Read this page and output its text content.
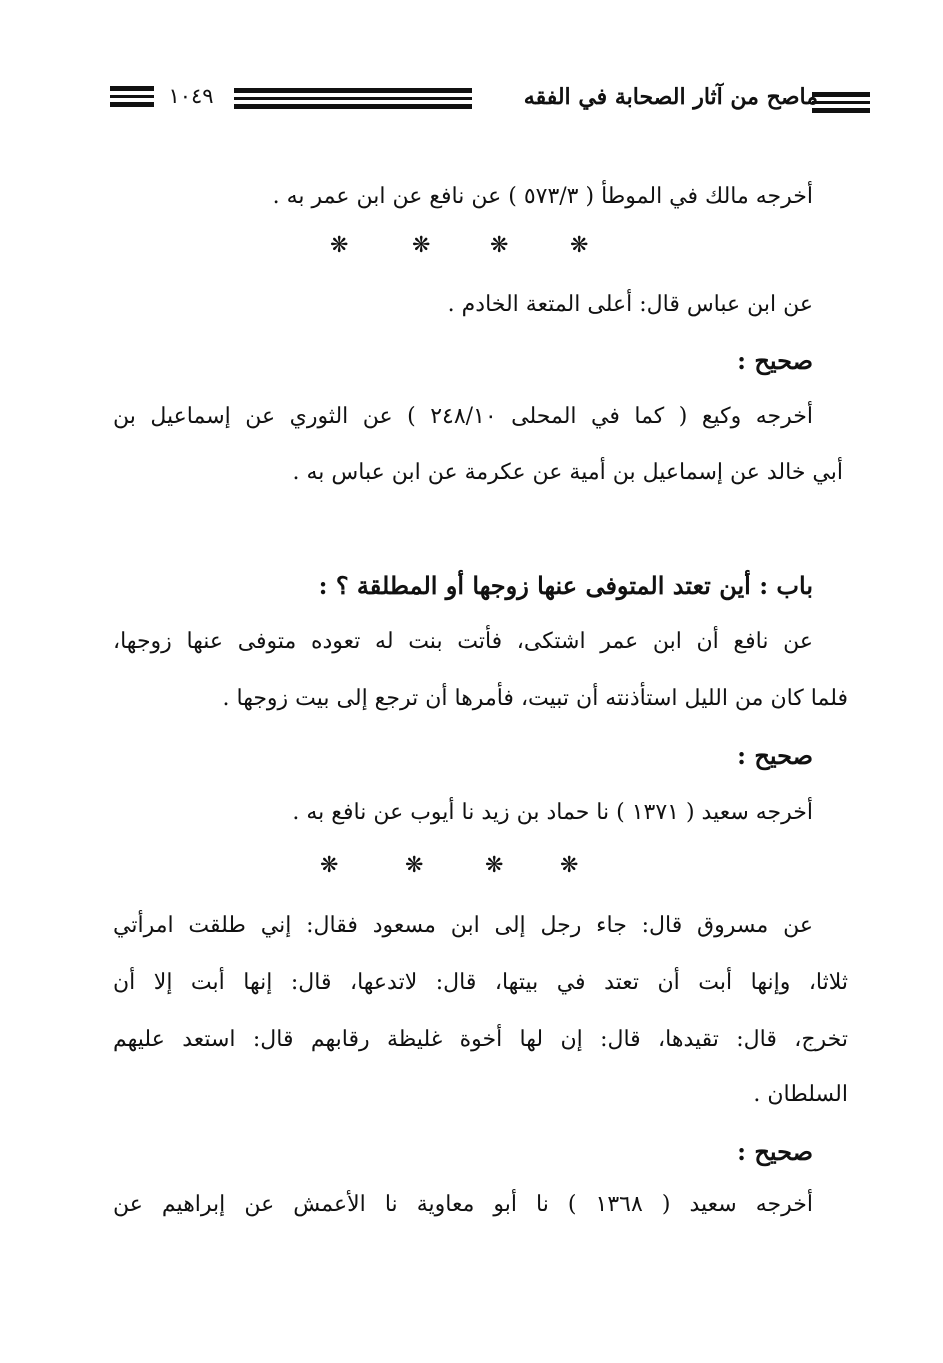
ماصح من آثار الصحابة في الفقه
١٠٤٩
أخرجه مالك في الموطأ ( ٥٧٣/٣ ) عن نافع عن ابن عمر به .
❋	❋	❋	❋
عن ابن عباس قال: أعلى المتعة الخادم .
صحيح :
أخرجه وكيع ( كما في المحلى ٢٤٨/١٠ ) عن الثوري عن إسماعيل بن
أبي خالد عن إسماعيل بن أمية عن عكرمة عن ابن عباس به .
باب : أين تعتد المتوفى عنها زوجها أو المطلقة ؟ :
عن نافع أن ابن عمر اشتكى، فأتت بنت له تعوده متوفى عنها زوجها،
فلما كان من الليل استأذنته أن تبيت، فأمرها أن ترجع إلى بيت زوجها .
صحيح :
أخرجه سعيد ( ١٣٧١ ) نا حماد بن زيد نا أيوب عن نافع به .
❋	❋	❋	❋
عن مسروق قال: جاء رجل إلى ابن مسعود فقال: إني طلقت امرأتي
ثلاثا، وإنها أبت أن تعتد في بيتها، قال: لاتدعها، قال: إنها أبت إلا أن
تخرج، قال: تقيدها، قال: إن لها أخوة غليظة رقابهم قال: استعد عليهم
السلطان .
صحيح :
أخرجه سعيد ( ١٣٦٨ ) نا أبو معاوية نا الأعمش عن إبراهيم عن
